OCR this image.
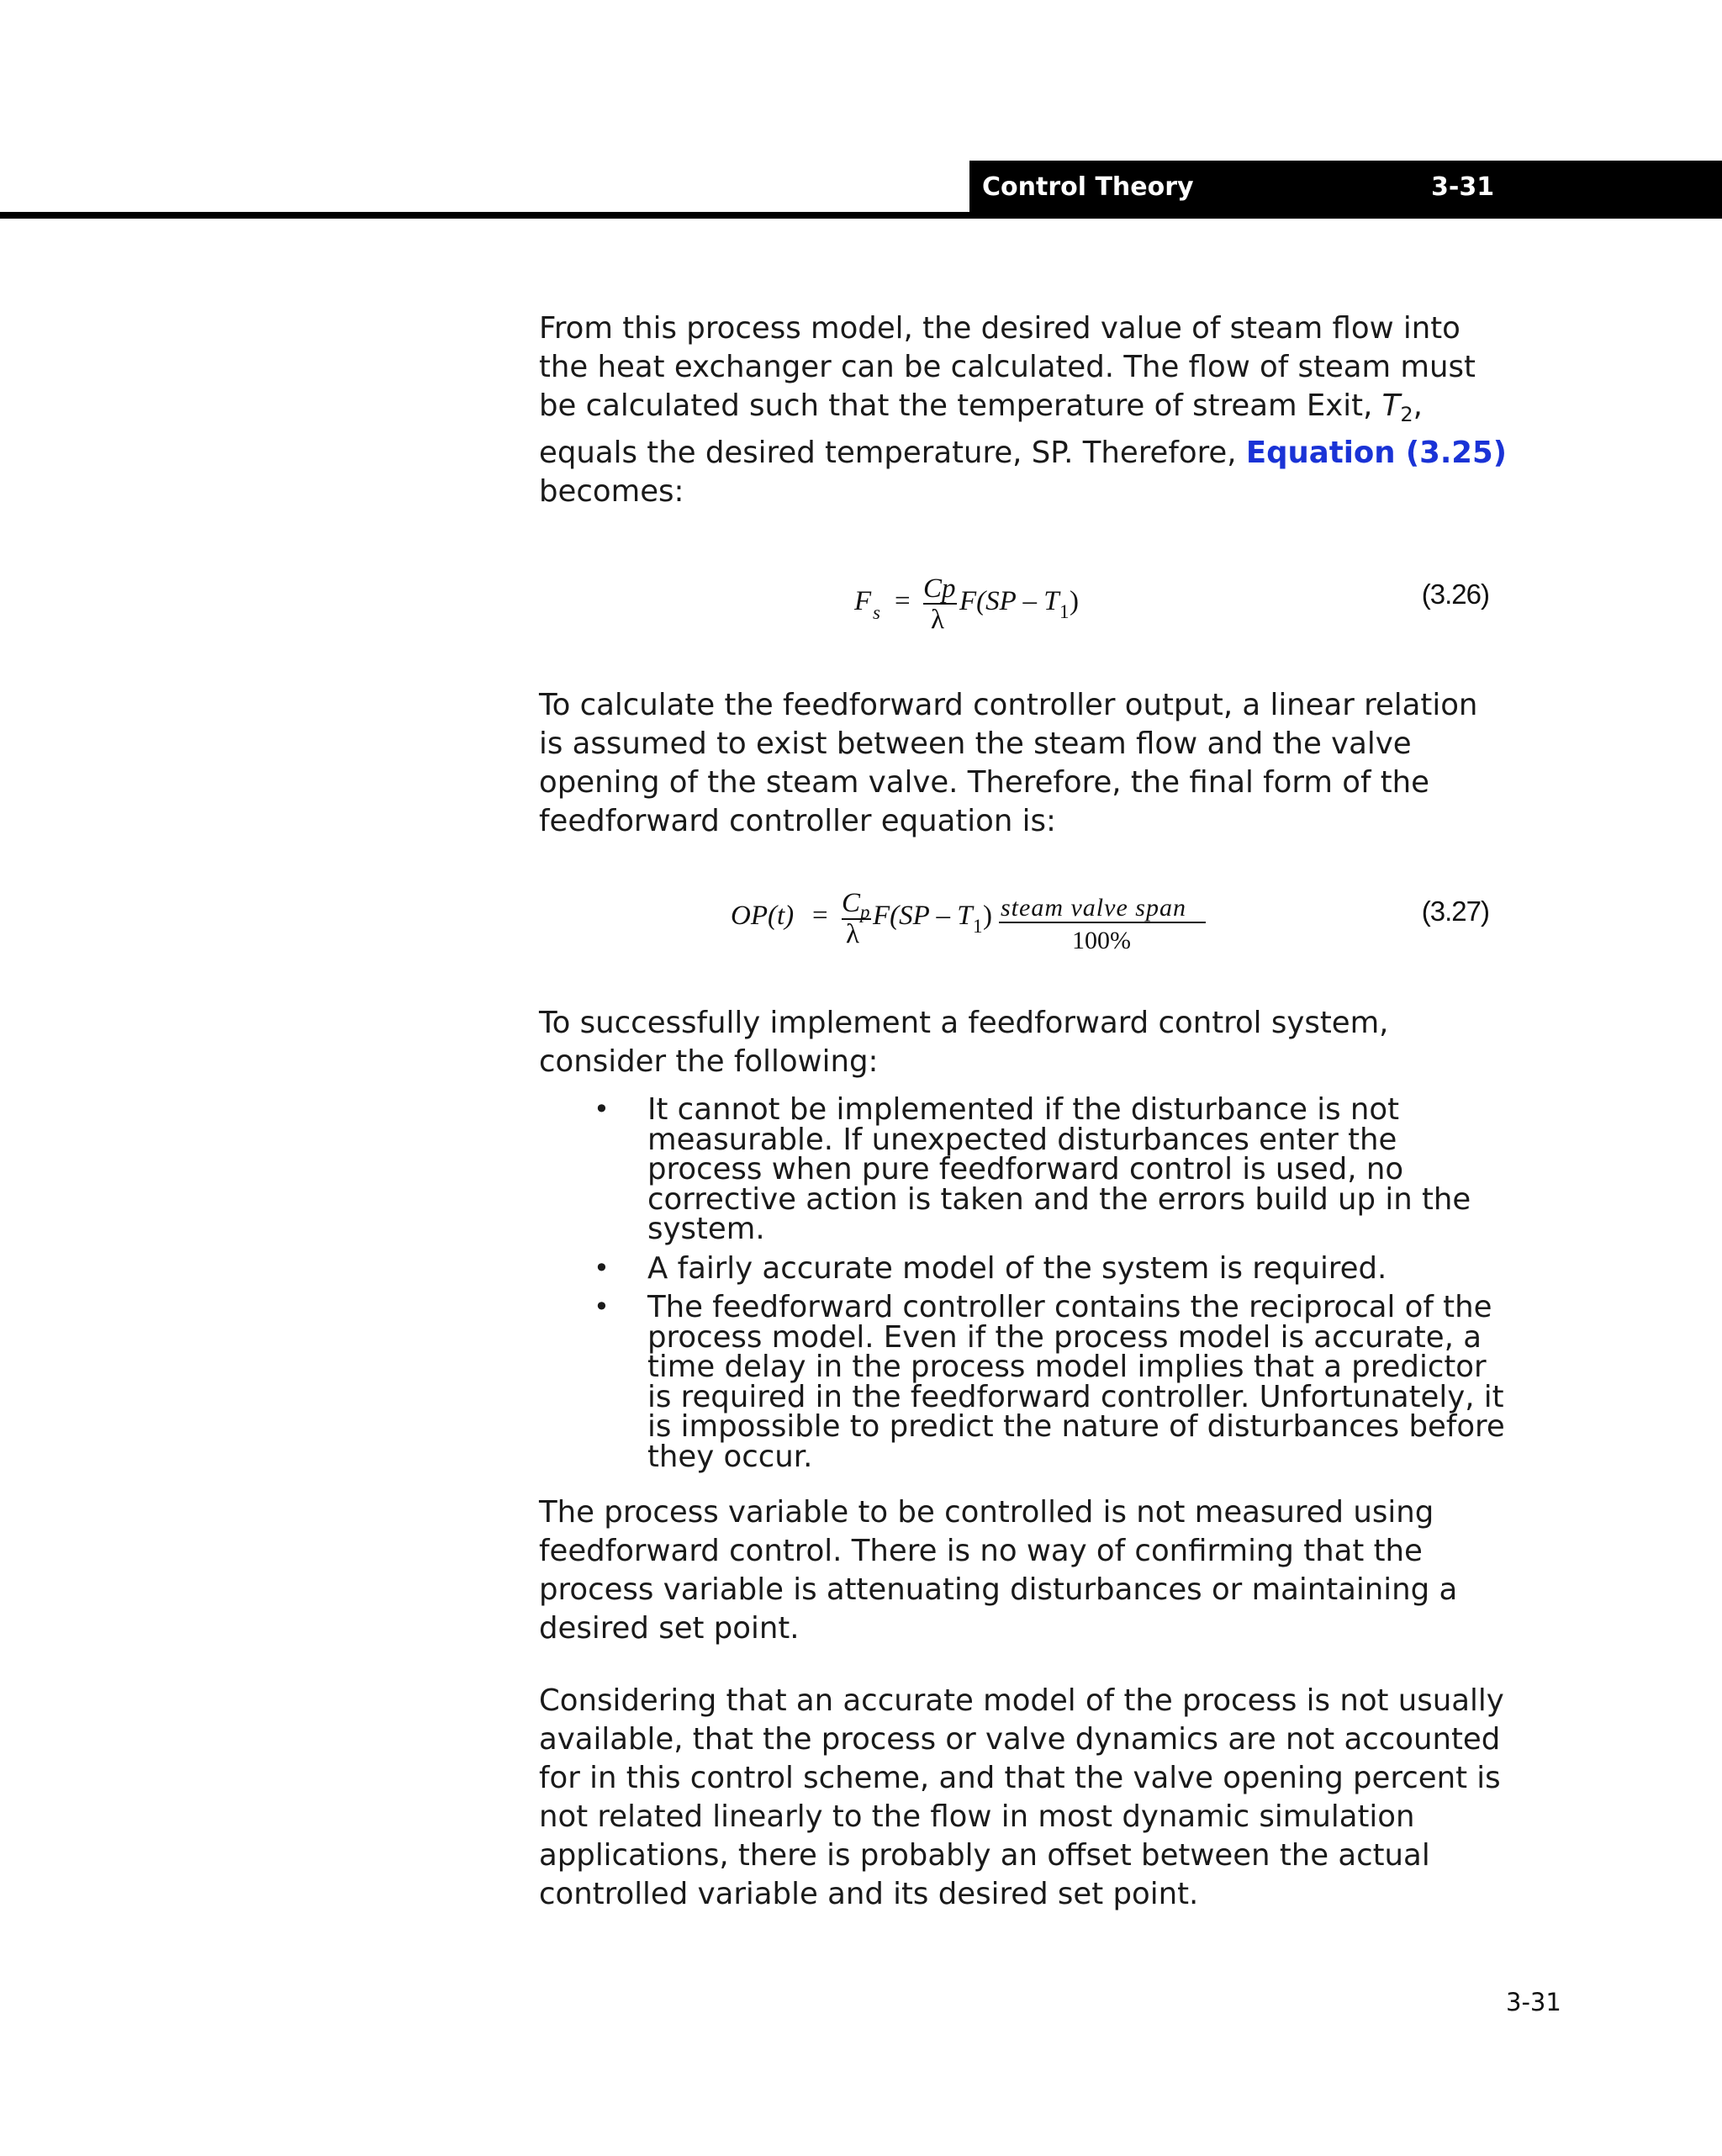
Control Theory	3-31

From this process model, the desired value of steam flow into the heat exchanger can be calculated. The flow of steam must be calculated such that the temperature of stream Exit, $T_2$, equals the desired temperature, SP. Therefore, Equation (3.25) becomes:

F s = Cp
λ
F(SP – T 1 )	(3.26)

To calculate the feedforward controller output, a linear relation is assumed to exist between the steam flow and the valve opening of the steam valve. Therefore, the final form of the feedforward controller equation is:

OP(t) = C p
λ
F(SP – T 1 ) steam valve span
100%
(3.27)

To successfully implement a feedforward control system, consider the following:

• It cannot be implemented if the disturbance is not measurable. If unexpected disturbances enter the process when pure feedforward control is used, no corrective action is taken and the errors build up in the system.
• A fairly accurate model of the system is required.
• The feedforward controller contains the reciprocal of the process model. Even if the process model is accurate, a time delay in the process model implies that a predictor is required in the feedforward controller. Unfortunately, it is impossible to predict the nature of disturbances before they occur.

The process variable to be controlled is not measured using feedforward control. There is no way of confirming that the process variable is attenuating disturbances or maintaining a desired set point.

Considering that an accurate model of the process is not usually available, that the process or valve dynamics are not accounted for in this control scheme, and that the valve opening percent is not related linearly to the flow in most dynamic simulation applications, there is probably an offset between the actual controlled variable and its desired set point.

3-31
